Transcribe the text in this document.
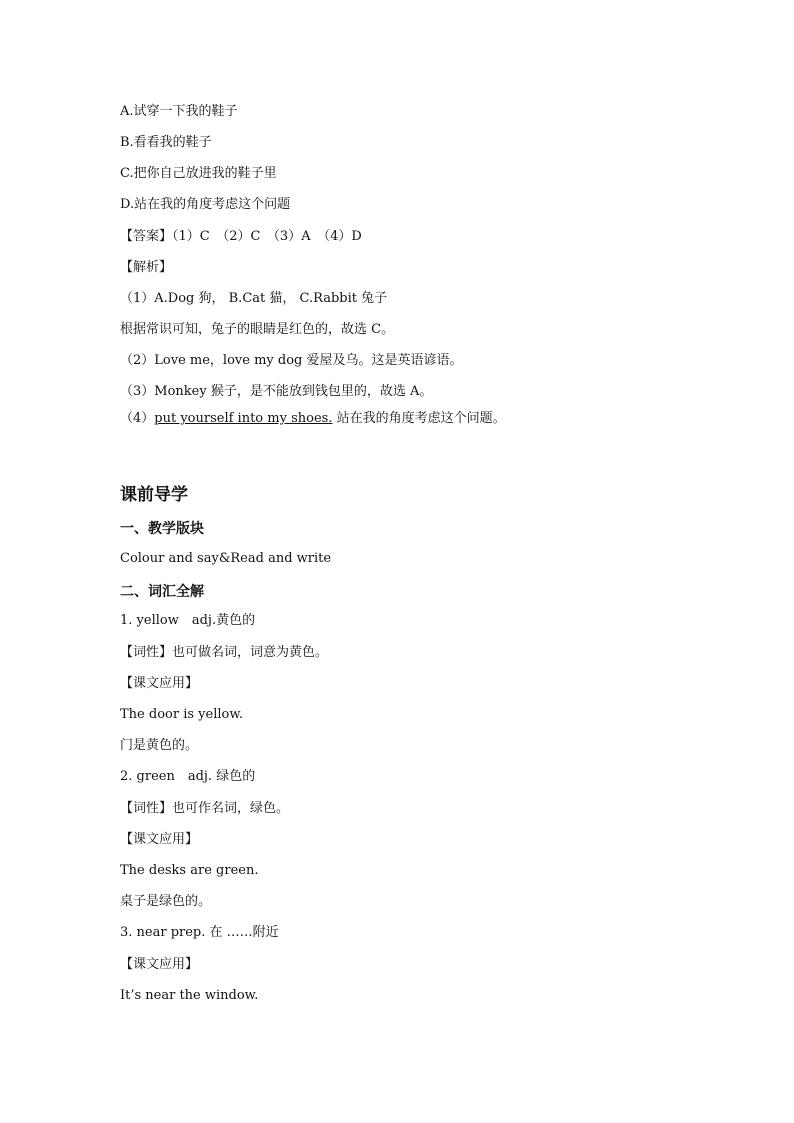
A.试穿一下我的鞋子
B.看看我的鞋子
C.把你自己放进我的鞋子里
D.站在我的角度考虑这个问题
【答案】（1）C　（2）C　（3）A　（4）D
【解析】
（1）A.Dog 狗， B.Cat 猫， C.Rabbit 兔子
根据常识可知，兔子的眼睛是红色的，故选 C。
（2）Love me，love my dog 爱屋及乌。这是英语谚语。
（3）Monkey 猴子，是不能放到钱包里的，故选 A。
（4）put yourself into my shoes. 站在我的角度考虑这个问题。
课前导学
一、教学版块
Colour and say&Read and write
二、词汇全解
1. yellow　adj.黄色的
【词性】也可做名词，词意为黄色。
【课文应用】
The door is yellow.
门是黄色的。
2. green　adj. 绿色的
【词性】也可作名词，绿色。
【课文应用】
The desks are green.
桌子是绿色的。
3. near prep. 在 ……附近
【课文应用】
It’s near the window.
